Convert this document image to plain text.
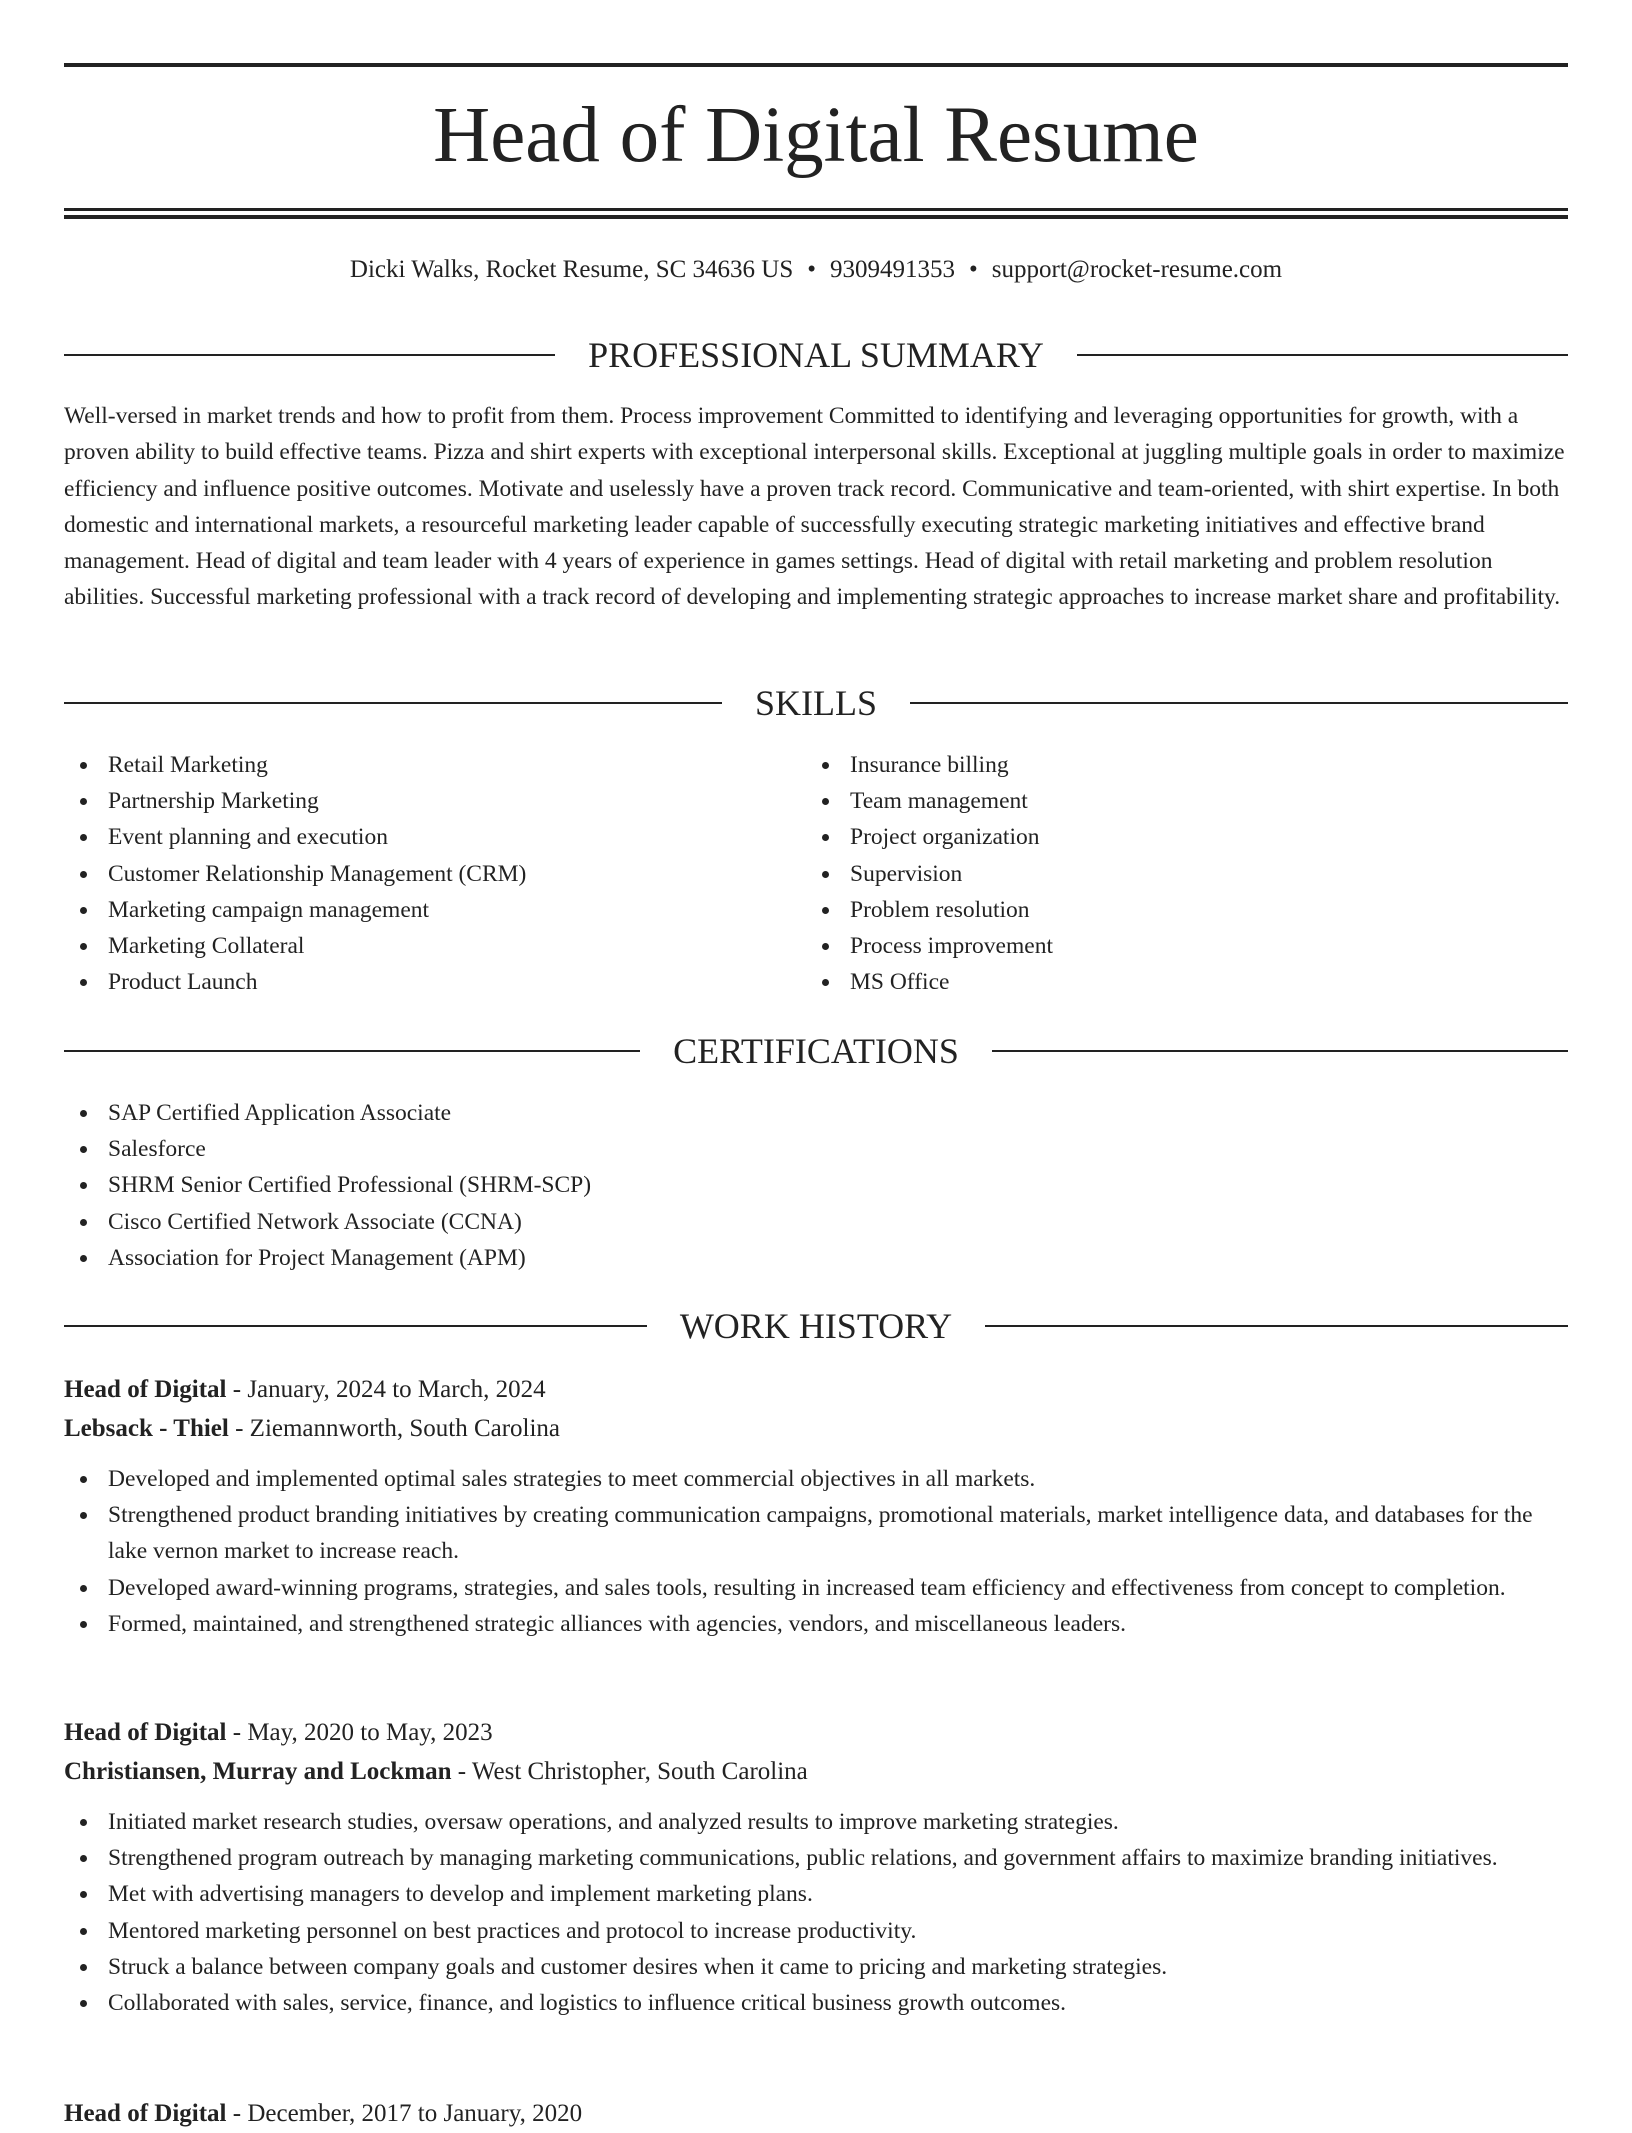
Head of Digital Resume
Dicki Walks, Rocket Resume, SC 34636 US • 9309491353 • support@rocket-resume.com
PROFESSIONAL SUMMARY

Well-versed in market trends and how to profit from them. Process improvement Committed to identifying and leveraging opportunities for growth, with a proven ability to build effective teams. Pizza and shirt experts with exceptional interpersonal skills. Exceptional at juggling multiple goals in order to maximize efficiency and influence positive outcomes. Motivate and uselessly have a proven track record. Communicative and team-oriented, with shirt expertise. In both domestic and international markets, a resourceful marketing leader capable of successfully executing strategic marketing initiatives and effective brand management. Head of digital and team leader with 4 years of experience in games settings. Head of digital with retail marketing and problem resolution abilities. Successful marketing professional with a track record of developing and implementing strategic approaches to increase market share and profitability.

SKILLS
Retail Marketing
Partnership Marketing
Event planning and execution
Customer Relationship Management (CRM)
Marketing campaign management
Marketing Collateral
Product Launch
Insurance billing
Team management
Project organization
Supervision
Problem resolution
Process improvement
MS Office
CERTIFICATIONS
SAP Certified Application Associate
Salesforce
SHRM Senior Certified Professional (SHRM-SCP)
Cisco Certified Network Associate (CCNA)
Association for Project Management (APM)
WORK HISTORY
Head of Digital - January, 2024 to March, 2024
Lebsack - Thiel - Ziemannworth, South Carolina
Developed and implemented optimal sales strategies to meet commercial objectives in all markets.
Strengthened product branding initiatives by creating communication campaigns, promotional materials, market intelligence data, and databases for the lake vernon market to increase reach.
Developed award-winning programs, strategies, and sales tools, resulting in increased team efficiency and effectiveness from concept to completion.
Formed, maintained, and strengthened strategic alliances with agencies, vendors, and miscellaneous leaders.
Head of Digital - May, 2020 to May, 2023
Christiansen, Murray and Lockman - West Christopher, South Carolina
Initiated market research studies, oversaw operations, and analyzed results to improve marketing strategies.
Strengthened program outreach by managing marketing communications, public relations, and government affairs to maximize branding initiatives.
Met with advertising managers to develop and implement marketing plans.
Mentored marketing personnel on best practices and protocol to increase productivity.
Struck a balance between company goals and customer desires when it came to pricing and marketing strategies.
Collaborated with sales, service, finance, and logistics to influence critical business growth outcomes.
Head of Digital - December, 2017 to January, 2020
